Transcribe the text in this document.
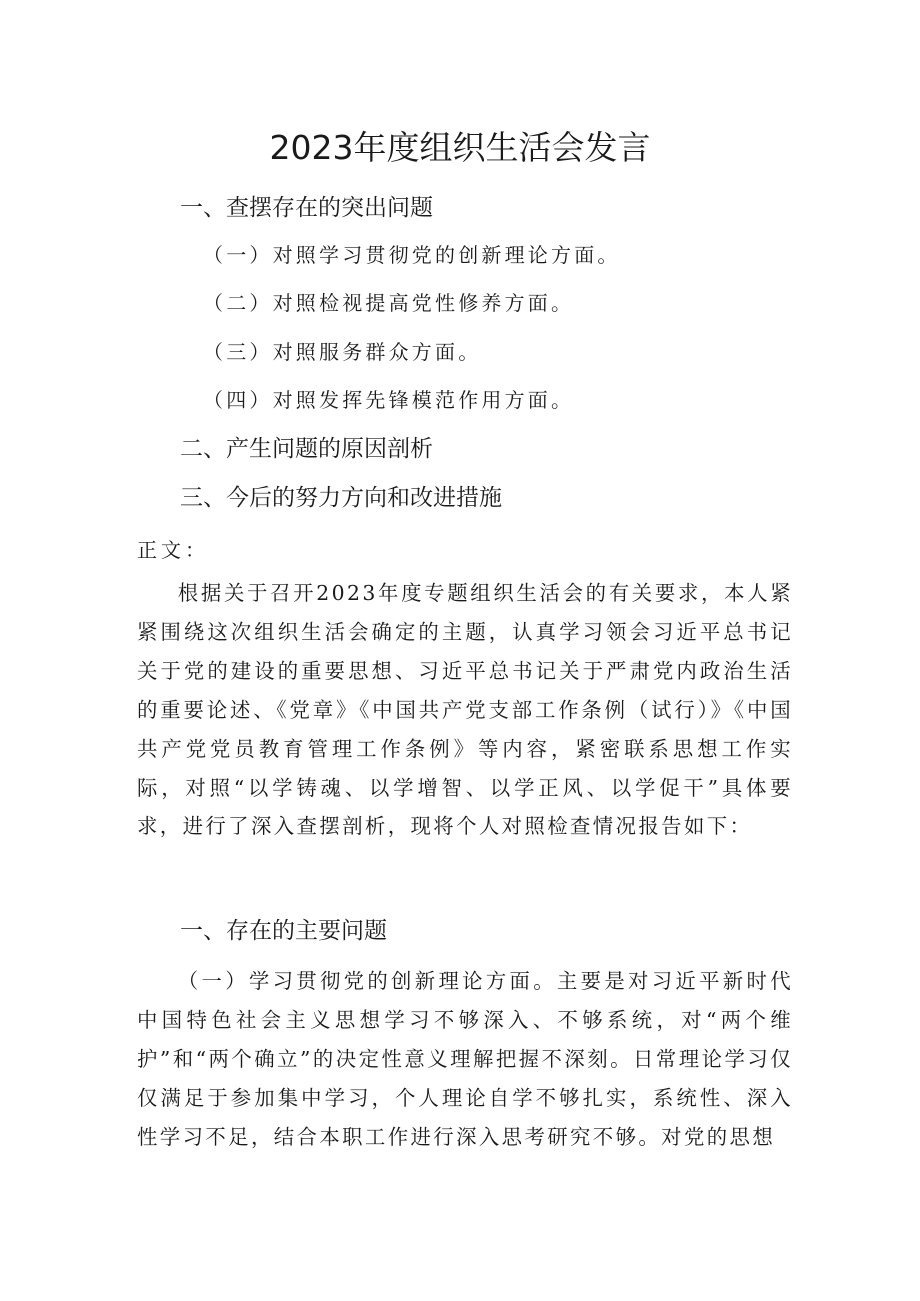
2023年度组织生活会发言
一、查摆存在的突出问题
（一）对照学习贯彻党的创新理论方面。
（二）对照检视提高党性修养方面。
（三）对照服务群众方面。
（四）对照发挥先锋模范作用方面。
二、产生问题的原因剖析
三、今后的努力方向和改进措施
正文：

根据关于召开2023年度专题组织生活会的有关要求，本人紧紧围绕这次组织生活会确定的主题，认真学习领会习近平总书记关于党的建设的重要思想、习近平总书记关于严肃党内政治生活的重要论述、《党章》《中国共产党支部工作条例（试行）》《中国共产党党员教育管理工作条例》等内容，紧密联系思想工作实际，对照“以学铸魂、以学增智、以学正风、以学促干”具体要求，进行了深入查摆剖析，现将个人对照检查情况报告如下：

一、存在的主要问题

（一）学习贯彻党的创新理论方面。主要是对习近平新时代中国特色社会主义思想学习不够深入、不够系统，对“两个维护”和“两个确立”的决定性意义理解把握不深刻。日常理论学习仅仅满足于参加集中学习，个人理论自学不够扎实，系统性、深入性学习不足，结合本职工作进行深入思考研究不够。对党的思想
